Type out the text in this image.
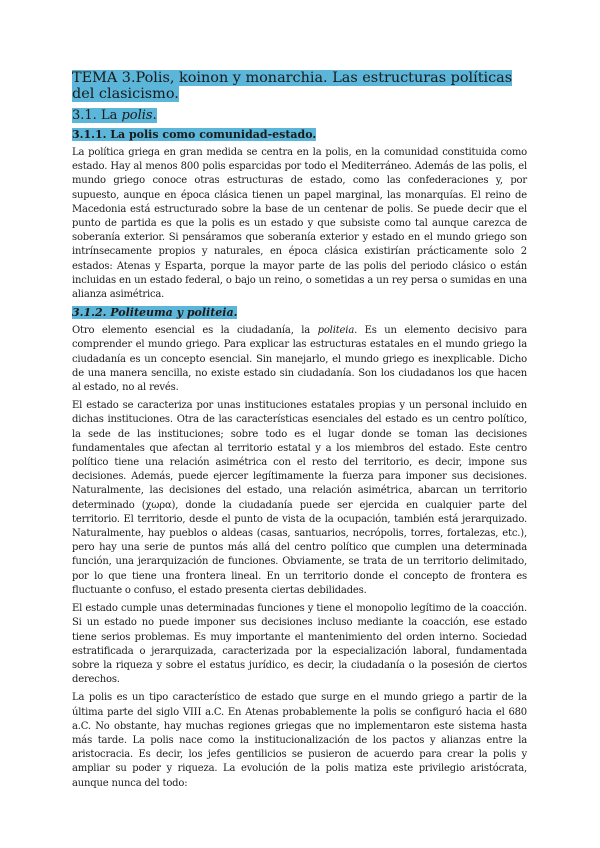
TEMA 3.Polis, koinon y monarchia. Las estructuras políticas del clasicismo.
3.1. La polis.
3.1.1. La polis como comunidad-estado.

La política griega en gran medida se centra en la polis, en la comunidad constituida como estado. Hay al menos 800 polis esparcidas por todo el Mediterráneo. Además de las polis, el mundo griego conoce otras estructuras de estado, como las confederaciones y, por supuesto, aunque en época clásica tienen un papel marginal, las monarquías. El reino de Macedonia está estructurado sobre la base de un centenar de polis. Se puede decir que el punto de partida es que la polis es un estado y que subsiste como tal aunque carezca de soberanía exterior. Si pensáramos que soberanía exterior y estado en el mundo griego son intrínsecamente propios y naturales, en época clásica existirían prácticamente solo 2 estados: Atenas y Esparta, porque la mayor parte de las polis del periodo clásico o están incluidas en un estado federal, o bajo un reino, o sometidas a un rey persa o sumidas en una alianza asimétrica.

3.1.2. Politeuma y politeia.

Otro elemento esencial es la ciudadanía, la politeia. Es un elemento decisivo para comprender el mundo griego. Para explicar las estructuras estatales en el mundo griego la ciudadanía es un concepto esencial. Sin manejarlo, el mundo griego es inexplicable. Dicho de una manera sencilla, no existe estado sin ciudadanía. Son los ciudadanos los que hacen al estado, no al revés.

El estado se caracteriza por unas instituciones estatales propias y un personal incluido en dichas instituciones. Otra de las características esenciales del estado es un centro político, la sede de las instituciones; sobre todo es el lugar donde se toman las decisiones fundamentales que afectan al territorio estatal y a los miembros del estado. Este centro político tiene una relación asimétrica con el resto del territorio, es decir, impone sus decisiones. Además, puede ejercer legítimamente la fuerza para imponer sus decisiones. Naturalmente, las decisiones del estado, una relación asimétrica, abarcan un territorio determinado (χωρα), donde la ciudadanía puede ser ejercida en cualquier parte del territorio. El territorio, desde el punto de vista de la ocupación, también está jerarquizado. Naturalmente, hay pueblos o aldeas (casas, santuarios, necrópolis, torres, fortalezas, etc.), pero hay una serie de puntos más allá del centro político que cumplen una determinada función, una jerarquización de funciones. Obviamente, se trata de un territorio delimitado, por lo que tiene una frontera lineal. En un territorio donde el concepto de frontera es fluctuante o confuso, el estado presenta ciertas debilidades.

El estado cumple unas determinadas funciones y tiene el monopolio legítimo de la coacción. Si un estado no puede imponer sus decisiones incluso mediante la coacción, ese estado tiene serios problemas. Es muy importante el mantenimiento del orden interno. Sociedad estratificada o jerarquizada, caracterizada por la especialización laboral, fundamentada sobre la riqueza y sobre el estatus jurídico, es decir, la ciudadanía o la posesión de ciertos derechos.

La polis es un tipo característico de estado que surge en el mundo griego a partir de la última parte del siglo VIII a.C. En Atenas probablemente la polis se configuró hacia el 680 a.C. No obstante, hay muchas regiones griegas que no implementaron este sistema hasta más tarde. La polis nace como la institucionalización de los pactos y alianzas entre la aristocracia. Es decir, los jefes gentilicios se pusieron de acuerdo para crear la polis y ampliar su poder y riqueza. La evolución de la polis matiza este privilegio aristócrata, aunque nunca del todo:
